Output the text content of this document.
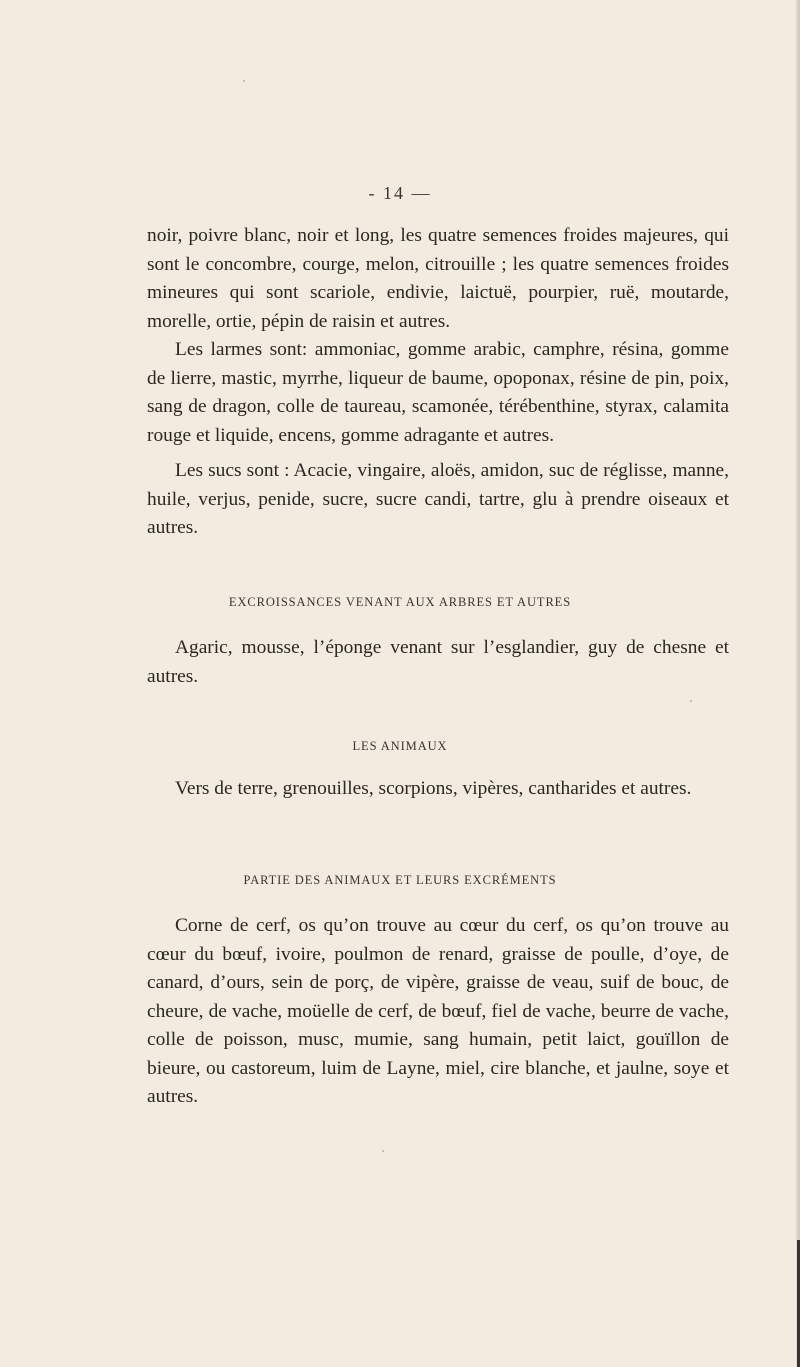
- 14 —

noir, poivre blanc, noir et long, les quatre semences froides majeures, qui sont le concombre, courge, melon, citrouille ; les quatre semences froides mineures qui sont scariole, endivie, laictuë, pourpier, ruë, moutarde, morelle, ortie, pépin de raisin et autres.

Les larmes sont: ammoniac, gomme arabic, camphre, résina, gomme de lierre, mastic, myrrhe, liqueur de baume, opoponax, résine de pin, poix, sang de dragon, colle de taureau, scamonée, térébenthine, styrax, calamita rouge et liquide, encens, gomme adragante et autres.

Les sucs sont : Acacie, vingaire, aloës, amidon, suc de réglisse, manne, huile, verjus, penide, sucre, sucre candi, tartre, glu à prendre oiseaux et autres.

EXCROISSANCES VENANT AUX ARBRES ET AUTRES

Agaric, mousse, l’éponge venant sur l’esglandier, guy de chesne et autres.

LES ANIMAUX

Vers de terre, grenouilles, scorpions, vipères, cantharides et autres.

PARTIE DES ANIMAUX ET LEURS EXCRÉMENTS

Corne de cerf, os qu’on trouve au cœur du cerf, os qu’on trouve au cœur du bœuf, ivoire, poulmon de renard, graisse de poulle, d’oye, de canard, d’ours, sein de porç, de vipère, graisse de veau, suif de bouc, de cheure, de vache, moüelle de cerf, de bœuf, fiel de vache, beurre de vache, colle de poisson, musc, mumie, sang humain, petit laict, gouïllon de bieure, ou castoreum, luim de Layne, miel, cire blanche, et jaulne, soye et autres.
